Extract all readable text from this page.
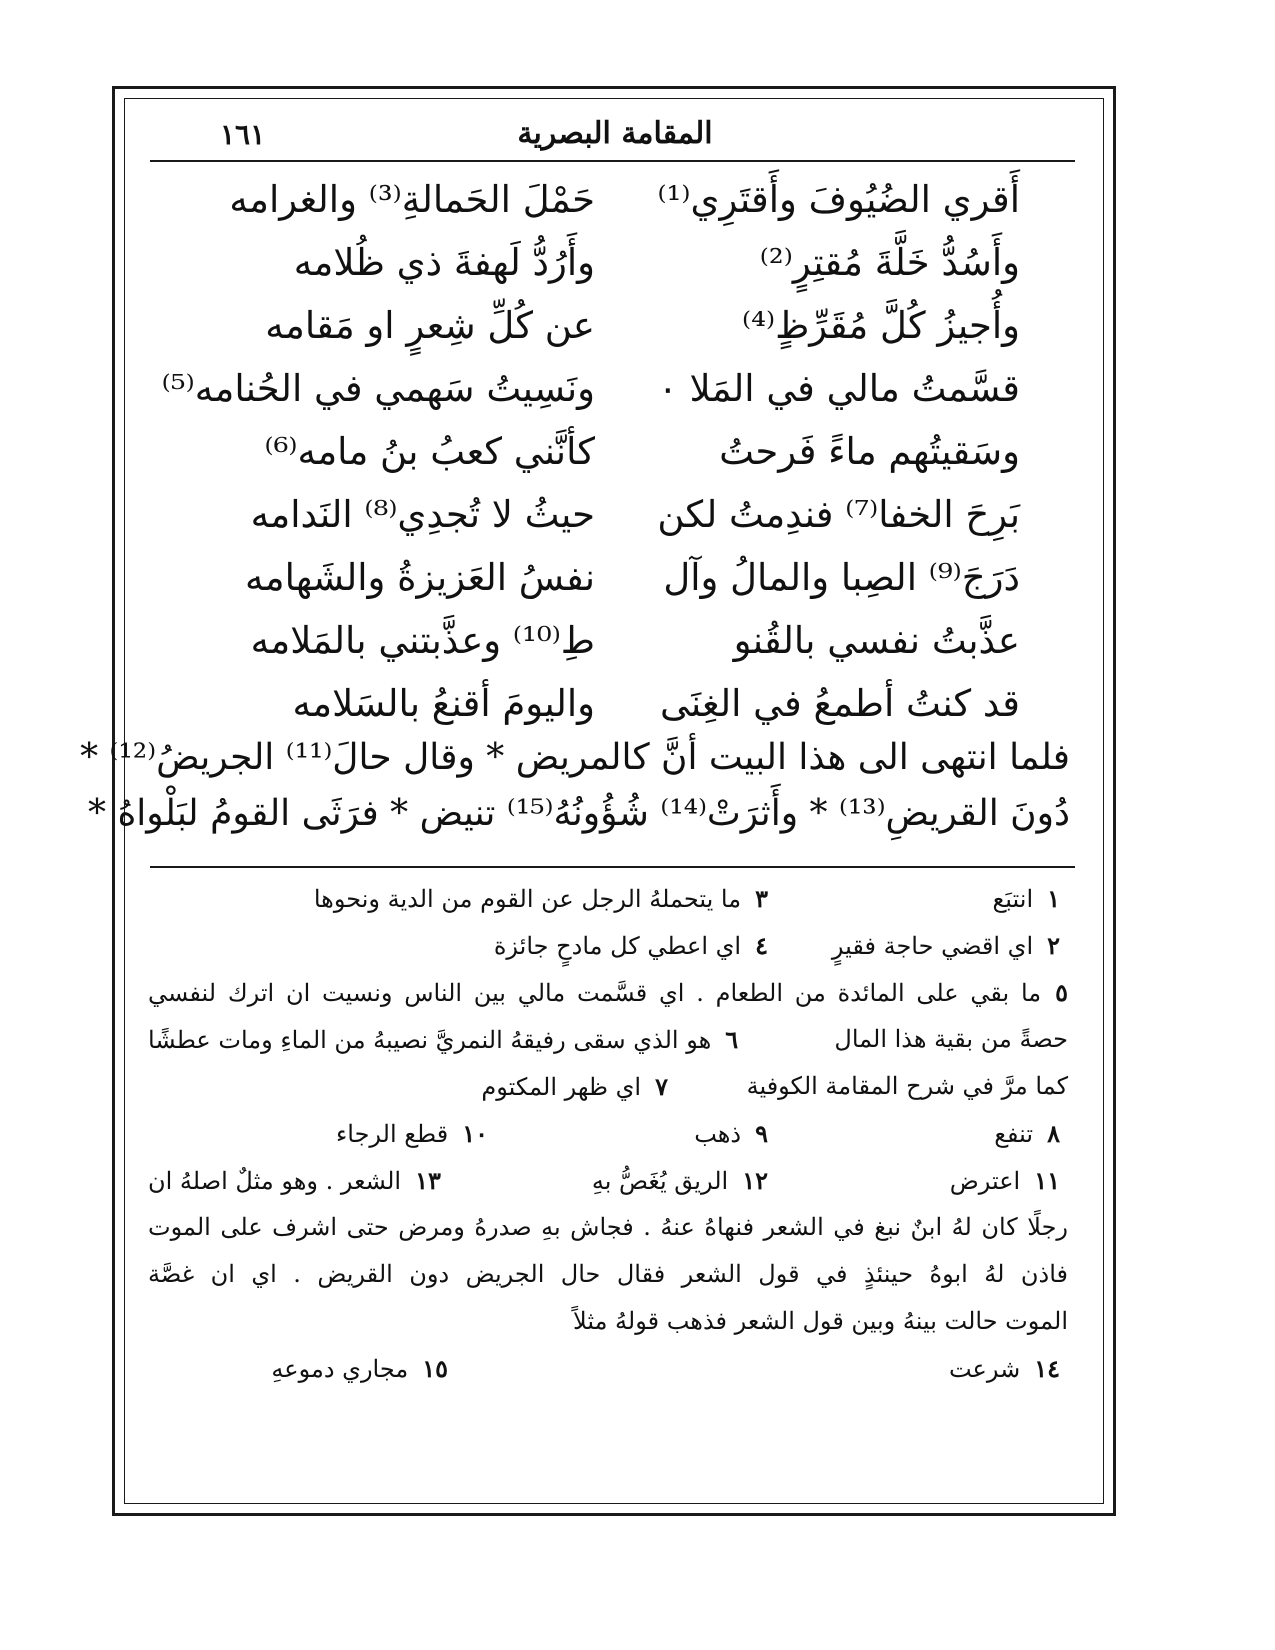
١٦١	المقامة البصرية
أَقري الضُيُوفَ وأَقتَرِي⁽¹⁾
حَمْلَ الحَمالةِ⁽³⁾ والغرامه
وأَسُدُّ خَلَّةَ مُقتِرٍ⁽²⁾
وأَرُدُّ لَهفةَ ذي ظُلامه
وأُجيزُ كُلَّ مُقَرِّظٍ⁽⁴⁾
عن كُلِّ شِعرٍ او مَقامه
قسَّمتُ مالي في المَلا ٠
ونَسِيتُ سَهمي في الحُنامه⁽⁵⁾
وسَقيتُهم ماءً فَرحتُ
كأنَّني كعبُ بنُ مامه⁽⁶⁾
بَرِحَ الخفا⁽⁷⁾ فندِمتُ لكن
حيثُ لا تُجدِي⁽⁸⁾ النَدامه
دَرَجَ⁽⁹⁾ الصِبا والمالُ وآل
نفسُ العَزيزةُ والشَهامه
عذَّبتُ نفسي بالقُنو
طِ⁽¹⁰⁾ وعذَّبتني بالمَلامه
قد كنتُ أطمعُ في الغِنَى
واليومَ أقنعُ بالسَلامه
فلما انتهى الى هذا البيت أنَّ كالمريض * وقال حالَ⁽¹¹⁾ الجريضُ⁽¹²⁾ *
دُونَ القريضِ⁽¹³⁾ * وأَثرَتْ⁽¹⁴⁾ شُؤُونُهُ⁽¹⁵⁾ تنيض * فرَثَى القومُ لبَلْواهُ *
١انتبَع
٣ما يتحملهُ الرجل عن القوم من الدية ونحوها
٢اي اقضي حاجة فقيرٍ
٤اي اعطي كل مادحٍ جائزة
٥ما بقي على المائدة من الطعام . اي قسَّمت مالي بين الناس ونسيت ان اترك لنفسي
حصةً من بقية هذا المال
٦هو الذي سقى رفيقهُ النمريَّ نصيبهُ من الماءِ ومات عطشًا
كما مرَّ في شرح المقامة الكوفية
٧اي ظهر المكتوم
٨تنفع
٩ذهب
١٠قطع الرجاء
١١اعترض
١٢الريق يُغَصُّ بهِ
١٣الشعر . وهو مثلٌ اصلهُ ان
رجلًا كان لهُ ابنٌ نبغ في الشعر فنهاهُ عنهُ . فجاش بهِ صدرهُ ومرض حتى اشرف على الموت
فاذن لهُ ابوهُ حينئذٍ في قول الشعر فقال حال الجريض دون القريض . اي ان غصَّة
الموت حالت بينهُ وبين قول الشعر فذهب قولهُ مثلاً
١٤شرعت
١٥مجاري دموعهِ
